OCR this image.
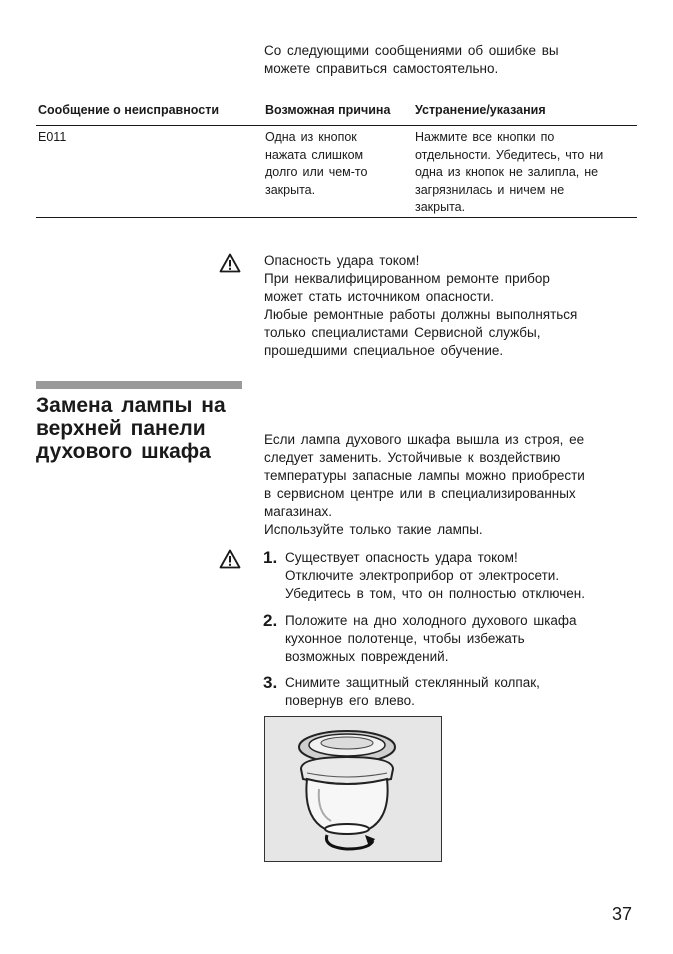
Со следующими сообщениями об ошибке вы
можете справиться самостоятельно.
Сообщение о неисправности	Возможная причина Устранение/указания
E011	Одна из кнопок
нажата слишком
долго или чем-то
закрыта.
Нажмите все кнопки по
отдельности. Убедитесь, что ни
одна из кнопок не залипла, не
загрязнилась и ничем не
закрыта.
Опасность удара током!
При неквалифицированном ремонте прибор
может стать источником опасности.
Любые ремонтные работы должны выполняться
только специалистами Сервисной службы,
прошедшими специальное обучение.
Замена лампы на
верхней панели
духового шкафа
Если лампа духового шкафа вышла из строя, ее
следует заменить. Устойчивые к воздействию
температуры запасные лампы можно приобрести
в сервисном центре или в специализированных
магазинах.
Используйте только такие лампы.
1. Существует опасность удара током!
Отключите электроприбор от электросети.
Убедитесь в том, что он полностью отключен.
2. Положите на дно холодного духового шкафа
кухонное полотенце, чтобы избежать
возможных повреждений.
3. Снимите защитный стеклянный колпак,
повернув его влево.
37
